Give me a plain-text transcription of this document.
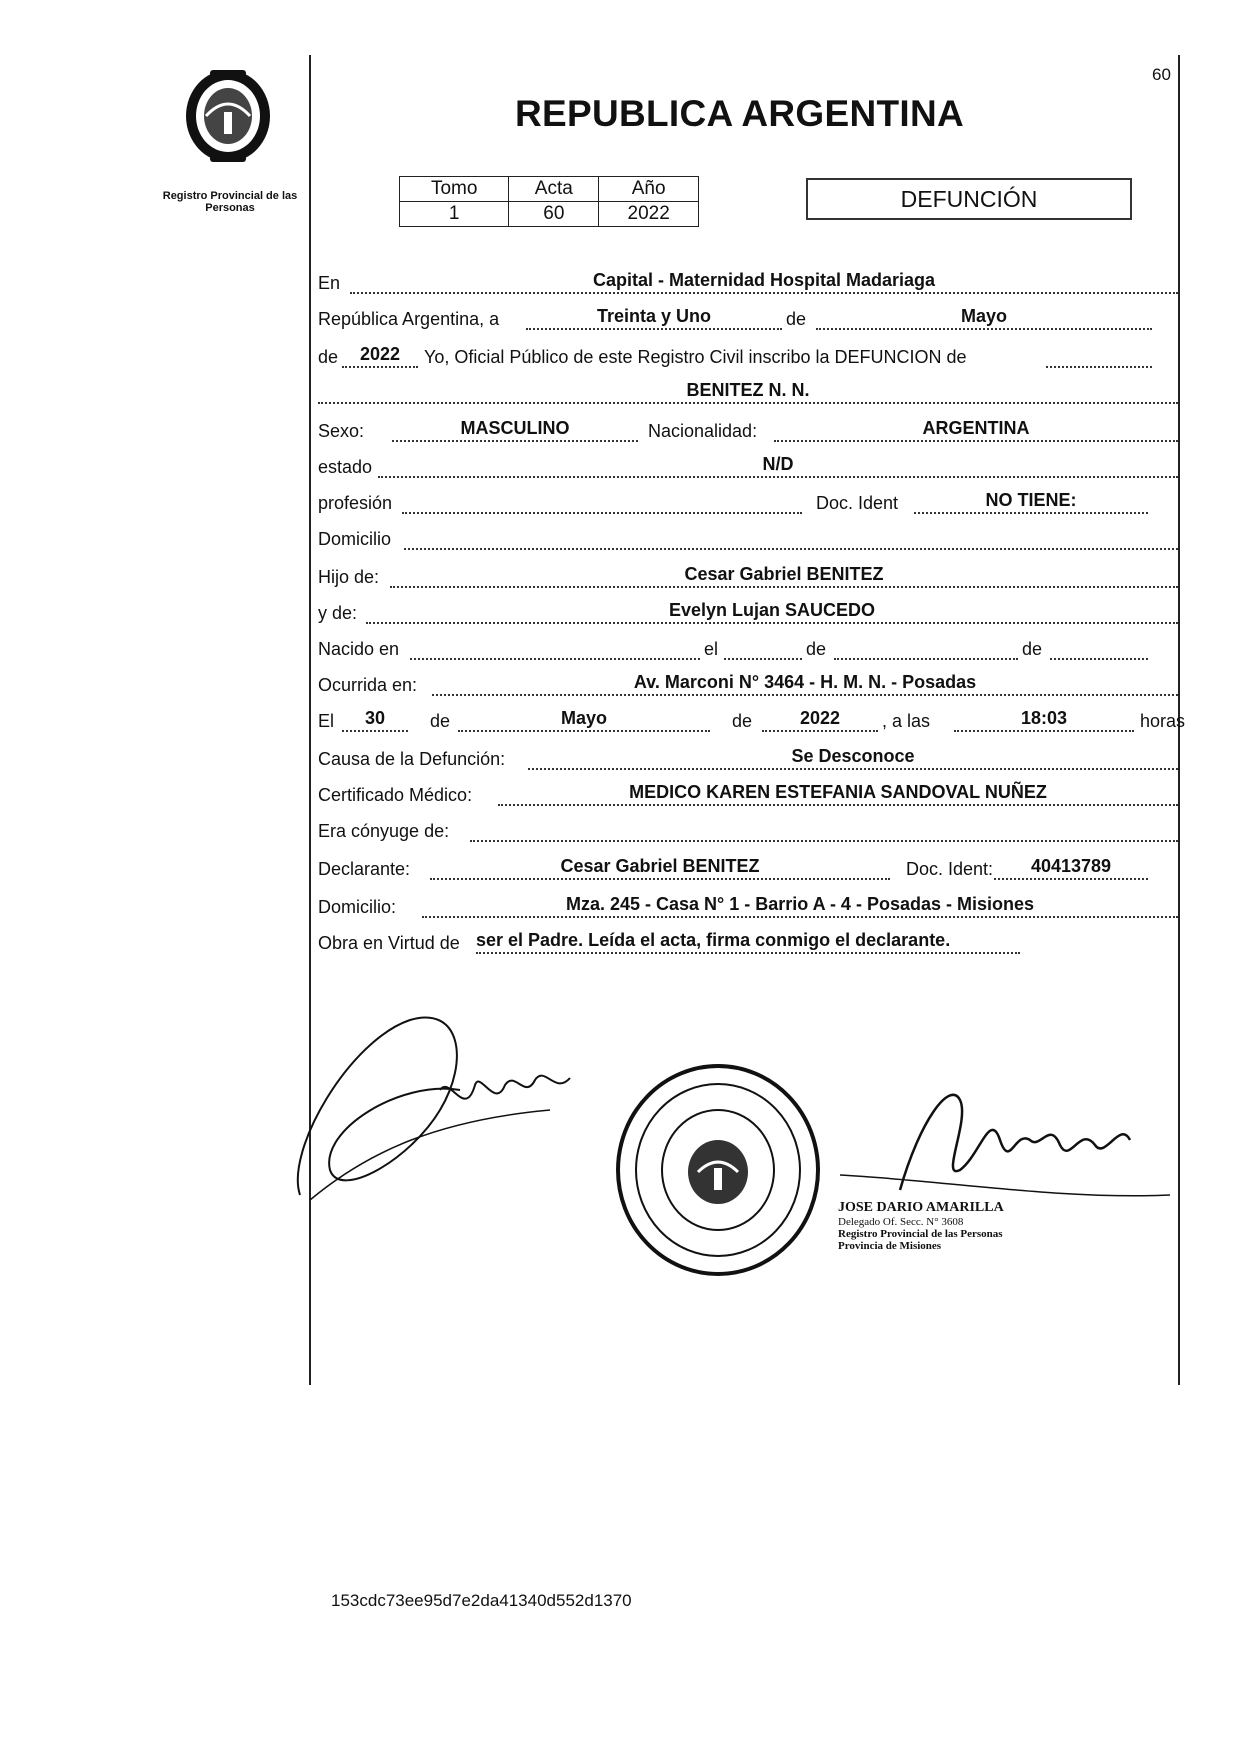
60
Registro Provincial de las Personas
REPUBLICA ARGENTINA
Tomo	Acta	Año
1	60	2022
DEFUNCIÓN
En	Capital - Maternidad Hospital Madariaga
República Argentina, a	Treinta y Uno	de	Mayo
de	2022	Yo, Oficial Público de este Registro Civil inscribo la DEFUNCION de
BENITEZ N. N.
Sexo:	MASCULINO	Nacionalidad:	ARGENTINA
estado	N/D
profesión	Doc. Ident	NO TIENE:
Domicilio
Hijo de:	Cesar Gabriel BENITEZ
y de:	Evelyn Lujan SAUCEDO
Nacido en	el	de	de
Ocurrida en:	Av. Marconi N° 3464 - H. M. N. - Posadas
El	30	de	Mayo	de	2022	, a las	18:03	horas
Causa de la Defunción:	Se Desconoce
Certificado Médico:	MEDICO KAREN ESTEFANIA SANDOVAL NUÑEZ
Era cónyuge de:
Declarante:	Cesar Gabriel BENITEZ	Doc. Ident:	40413789
Domicilio:	Mza. 245 - Casa N° 1 - Barrio A - 4 - Posadas - Misiones
Obra en Virtud de ser el Padre. Leída el acta, firma conmigo el declarante.
JOSE DARIO AMARILLA
Delegado Of. Secc. N° 3608
Registro Provincial de las Personas
Provincia de Misiones
153cdc73ee95d7e2da41340d552d1370
